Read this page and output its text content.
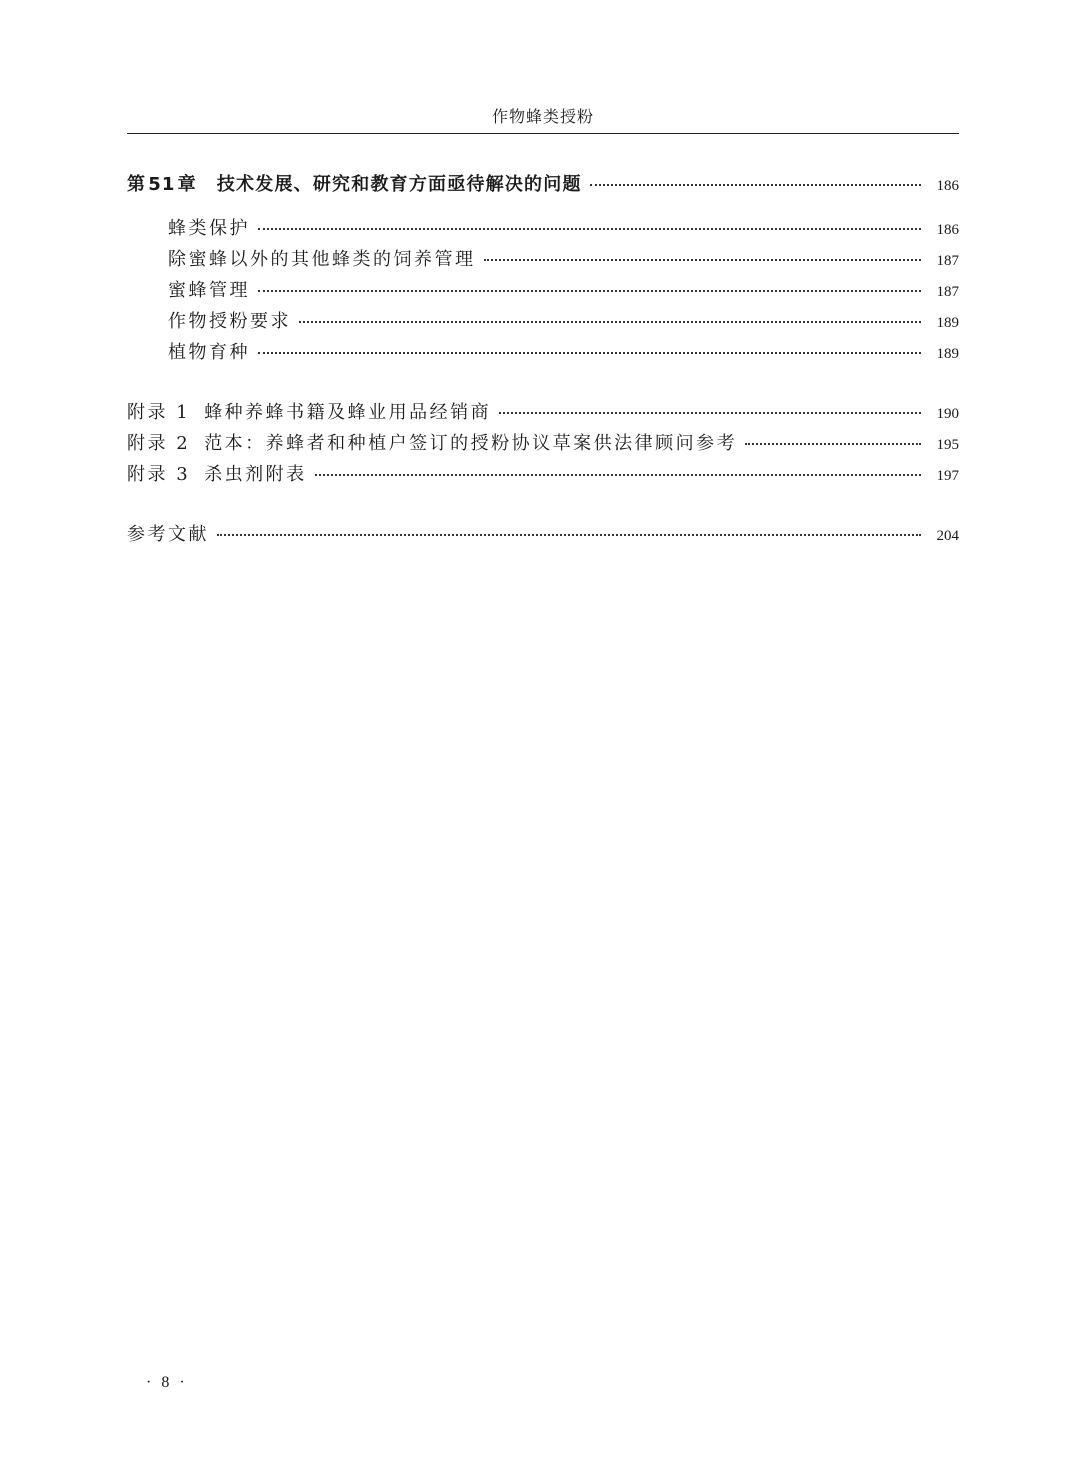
作物蜂类授粉
第 51 章 技术发展、研究和教育方面亟待解决的问题	186
蜂类保护	186
除蜜蜂以外的其他蜂类的饲养管理	187
蜜蜂管理	187
作物授粉要求	189
植物育种	189
附录 1 蜂种养蜂书籍及蜂业用品经销商	190
附录 2 范本：养蜂者和种植户签订的授粉协议草案供法律顾问参考	195
附录 3 杀虫剂附表	197
参考文献	204
· 8 ·
